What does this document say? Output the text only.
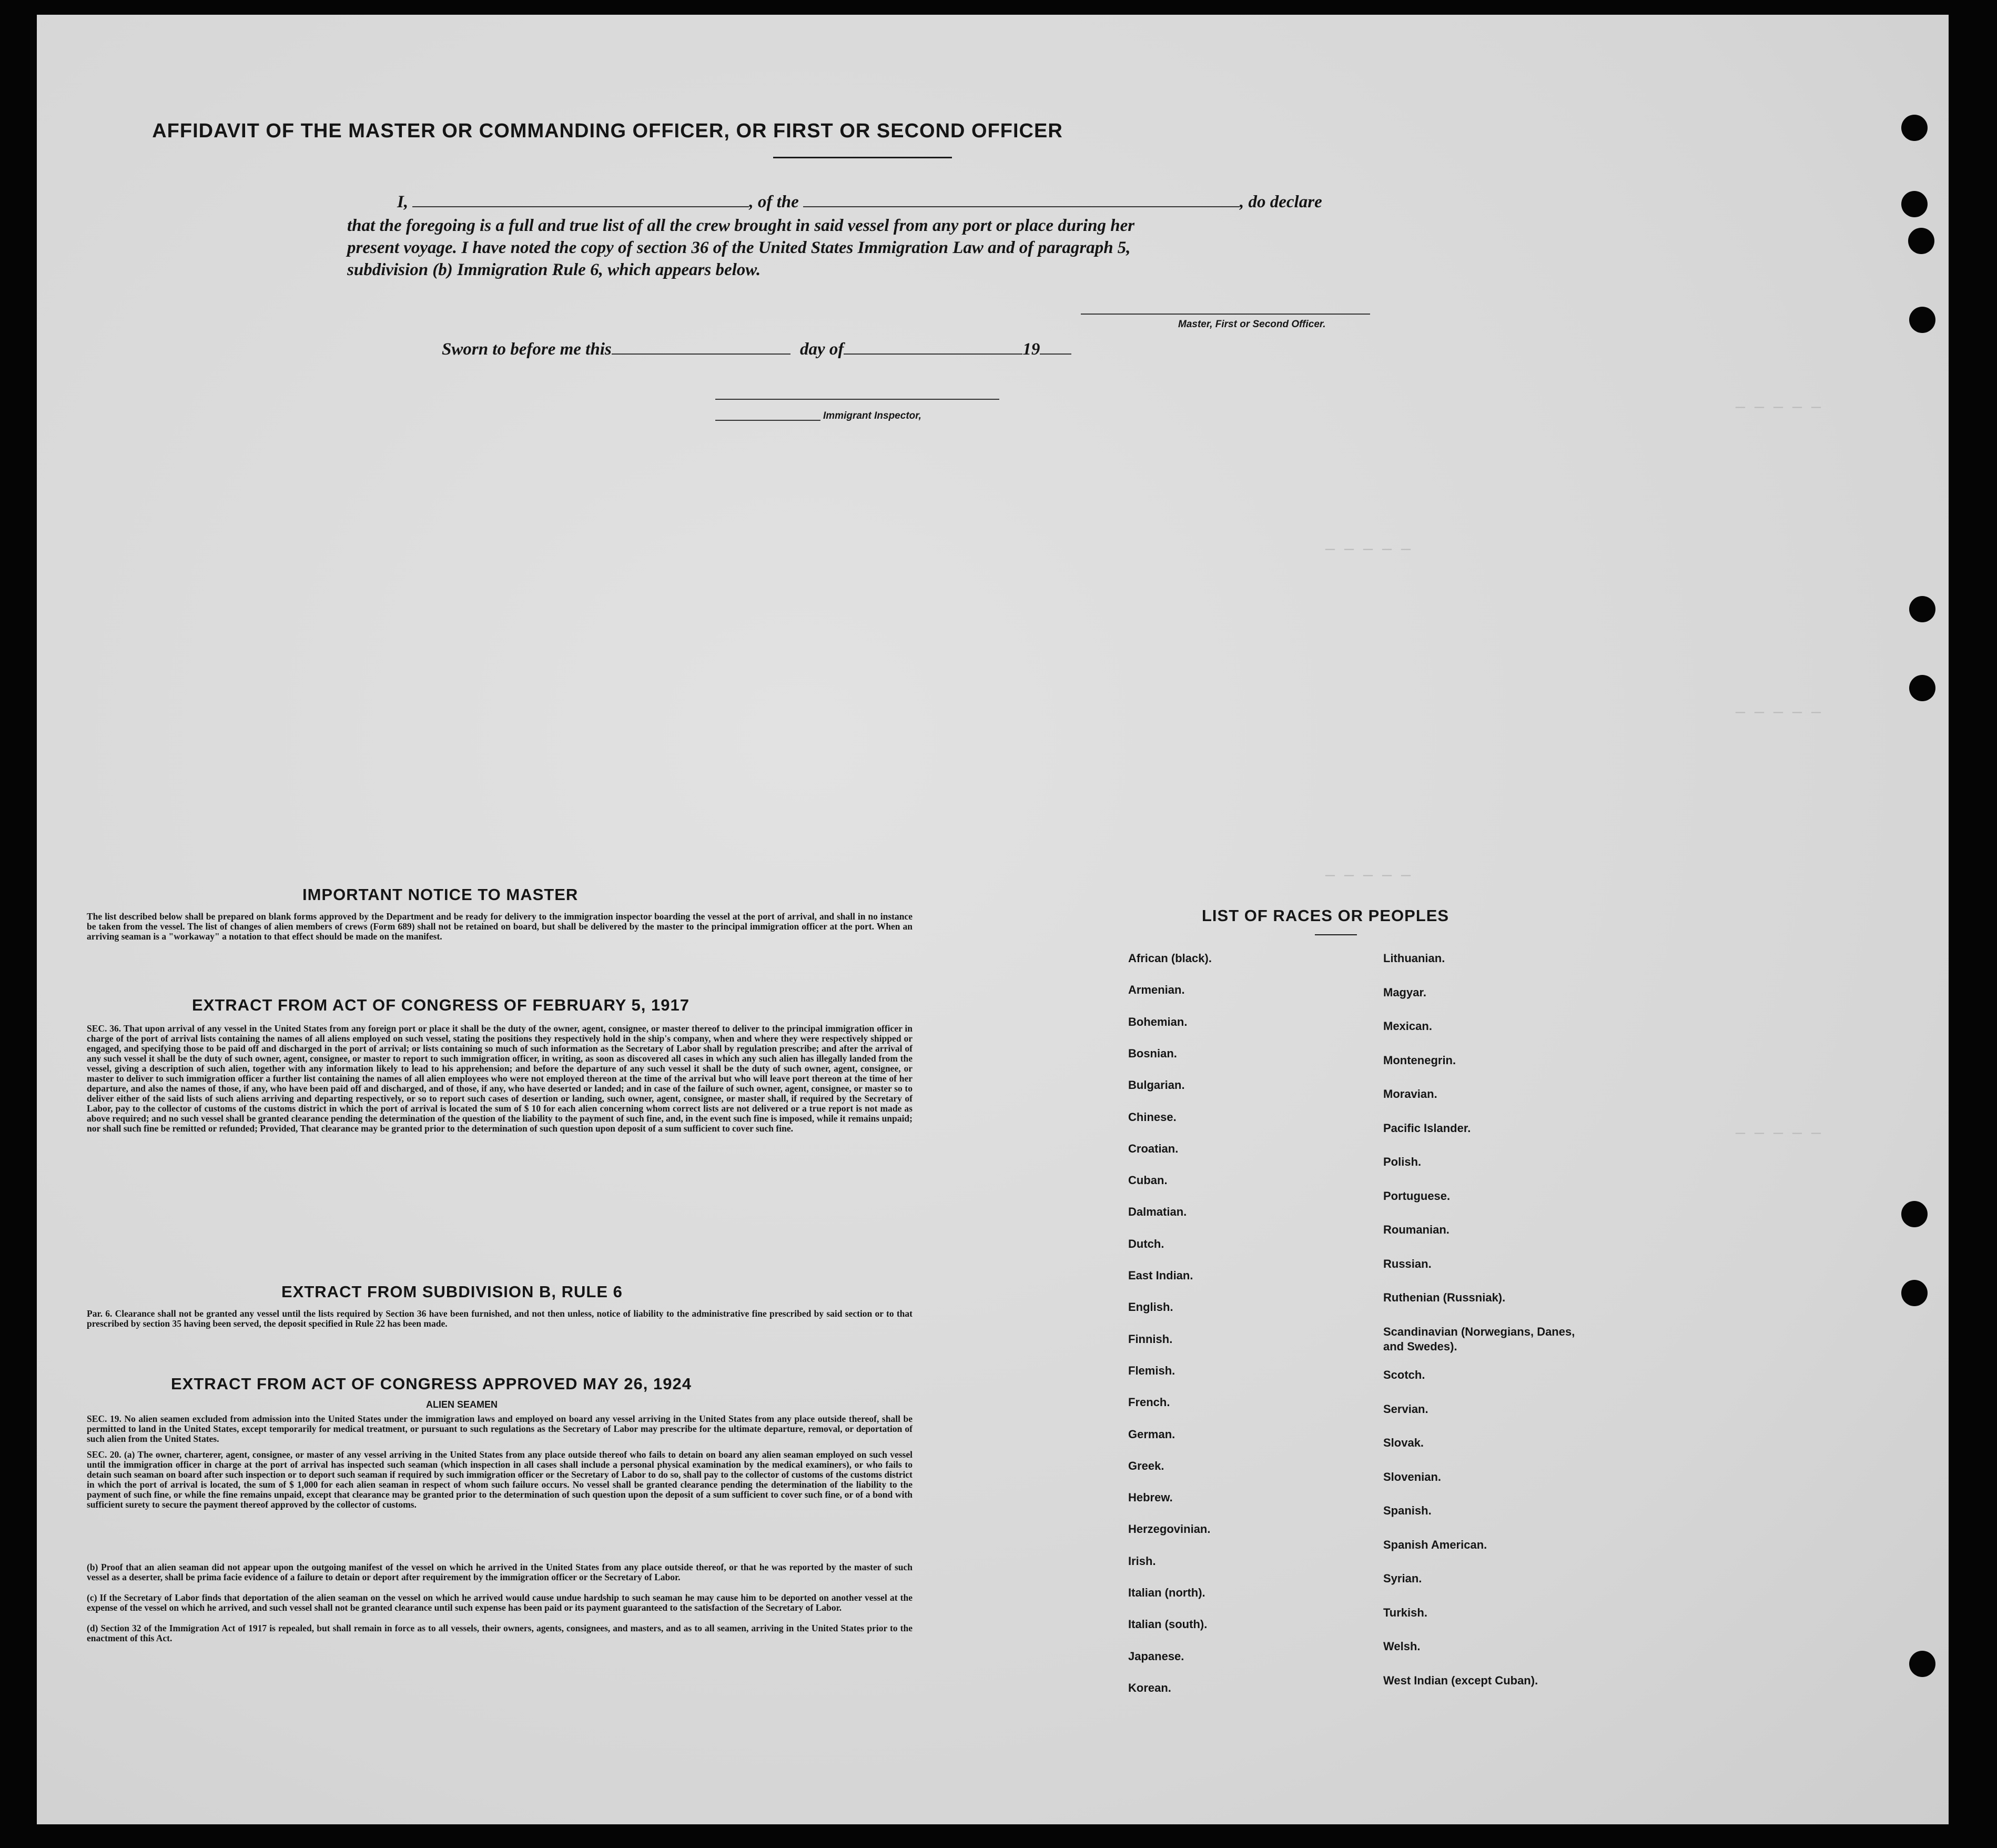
— — — — —
— — — — —
— — — — —
— — — — —
— — — — —
AFFIDAVIT OF THE MASTER OR COMMANDING OFFICER, OR FIRST OR SECOND OFFICER
I,	, of the	, do declare
that the foregoing is a full and true list of all the crew brought in said vessel from any port or place during her
present voyage. I have noted the copy of section 36 of the United States Immigration Law and of paragraph 5,
subdivision (b) Immigration Rule 6, which appears below.
Master, First or Second Officer.
Sworn to before me this	day of	19
Immigrant Inspector,
IMPORTANT NOTICE TO MASTER
The list described below shall be prepared on blank forms approved by the Department and be ready for delivery to the immigration inspector boarding the vessel at the port of arrival, and shall in no instance be taken from the vessel. The list of changes of alien members of crews (Form 689) shall not be retained on board, but shall be delivered by the master to the principal immigration officer at the port. When an arriving seaman is a "workaway" a notation to that effect should be made on the manifest.
EXTRACT FROM ACT OF CONGRESS OF FEBRUARY 5, 1917
SEC. 36. That upon arrival of any vessel in the United States from any foreign port or place it shall be the duty of the owner, agent, consignee, or master thereof to deliver to the principal immigration officer in charge of the port of arrival lists containing the names of all aliens employed on such vessel, stating the positions they respectively hold in the ship's company, when and where they were respectively shipped or engaged, and specifying those to be paid off and discharged in the port of arrival; or lists containing so much of such information as the Secretary of Labor shall by regulation prescribe; and after the arrival of any such vessel it shall be the duty of such owner, agent, consignee, or master to report to such immigration officer, in writing, as soon as discovered all cases in which any such alien has illegally landed from the vessel, giving a description of such alien, together with any information likely to lead to his apprehension; and before the departure of any such vessel it shall be the duty of such owner, agent, consignee, or master to deliver to such immigration officer a further list containing the names of all alien employees who were not employed thereon at the time of the arrival but who will leave port thereon at the time of her departure, and also the names of those, if any, who have been paid off and discharged, and of those, if any, who have deserted or landed; and in case of the failure of such owner, agent, consignee, or master so to deliver either of the said lists of such aliens arriving and departing respectively, or so to report such cases of desertion or landing, such owner, agent, consignee, or master shall, if required by the Secretary of Labor, pay to the collector of customs of the customs district in which the port of arrival is located the sum of $ 10 for each alien concerning whom correct lists are not delivered or a true report is not made as above required; and no such vessel shall be granted clearance pending the determination of the question of the liability to the payment of such fine, and, in the event such fine is imposed, while it remains unpaid; nor shall such fine be remitted or refunded; Provided, That clearance may be granted prior to the determination of such question upon deposit of a sum sufficient to cover such fine.
EXTRACT FROM SUBDIVISION B, RULE 6
Par. 6. Clearance shall not be granted any vessel until the lists required by Section 36 have been furnished, and not then unless, notice of liability to the administrative fine prescribed by said section or to that prescribed by section 35 having been served, the deposit specified in Rule 22 has been made.
EXTRACT FROM ACT OF CONGRESS APPROVED MAY 26, 1924
ALIEN SEAMEN
SEC. 19. No alien seamen excluded from admission into the United States under the immigration laws and employed on board any vessel arriving in the United States from any place outside thereof, shall be permitted to land in the United States, except temporarily for medical treatment, or pursuant to such regulations as the Secretary of Labor may prescribe for the ultimate departure, removal, or deportation of such alien from the United States.
SEC. 20. (a) The owner, charterer, agent, consignee, or master of any vessel arriving in the United States from any place outside thereof who fails to detain on board any alien seaman employed on such vessel until the immigration officer in charge at the port of arrival has inspected such seaman (which inspection in all cases shall include a personal physical examination by the medical examiners), or who fails to detain such seaman on board after such inspection or to deport such seaman if required by such immigration officer or the Secretary of Labor to do so, shall pay to the collector of customs of the customs district in which the port of arrival is located, the sum of $ 1,000 for each alien seaman in respect of whom such failure occurs. No vessel shall be granted clearance pending the determination of the liability to the payment of such fine, or while the fine remains unpaid, except that clearance may be granted prior to the determination of such question upon the deposit of a sum sufficient to cover such fine, or of a bond with sufficient surety to secure the payment thereof approved by the collector of customs.
(b) Proof that an alien seaman did not appear upon the outgoing manifest of the vessel on which he arrived in the United States from any place outside thereof, or that he was reported by the master of such vessel as a deserter, shall be prima facie evidence of a failure to detain or deport after requirement by the immigration officer or the Secretary of Labor.
(c) If the Secretary of Labor finds that deportation of the alien seaman on the vessel on which he arrived would cause undue hardship to such seaman he may cause him to be deported on another vessel at the expense of the vessel on which he arrived, and such vessel shall not be granted clearance until such expense has been paid or its payment guaranteed to the satisfaction of the Secretary of Labor.
(d) Section 32 of the Immigration Act of 1917 is repealed, but shall remain in force as to all vessels, their owners, agents, consignees, and masters, and as to all seamen, arriving in the United States prior to the enactment of this Act.
LIST OF RACES OR PEOPLES
African (black).
Armenian.
Bohemian.
Bosnian.
Bulgarian.
Chinese.
Croatian.
Cuban.
Dalmatian.
Dutch.
East Indian.
English.
Finnish.
Flemish.
French.
German.
Greek.
Hebrew.
Herzegovinian.
Irish.
Italian (north).
Italian (south).
Japanese.
Korean.
Lithuanian.
Magyar.
Mexican.
Montenegrin.
Moravian.
Pacific Islander.
Polish.
Portuguese.
Roumanian.
Russian.
Ruthenian (Russniak).
Scandinavian (Norwegians, Danes, and Swedes).
Scotch.
Servian.
Slovak.
Slovenian.
Spanish.
Spanish American.
Syrian.
Turkish.
Welsh.
West Indian (except Cuban).
